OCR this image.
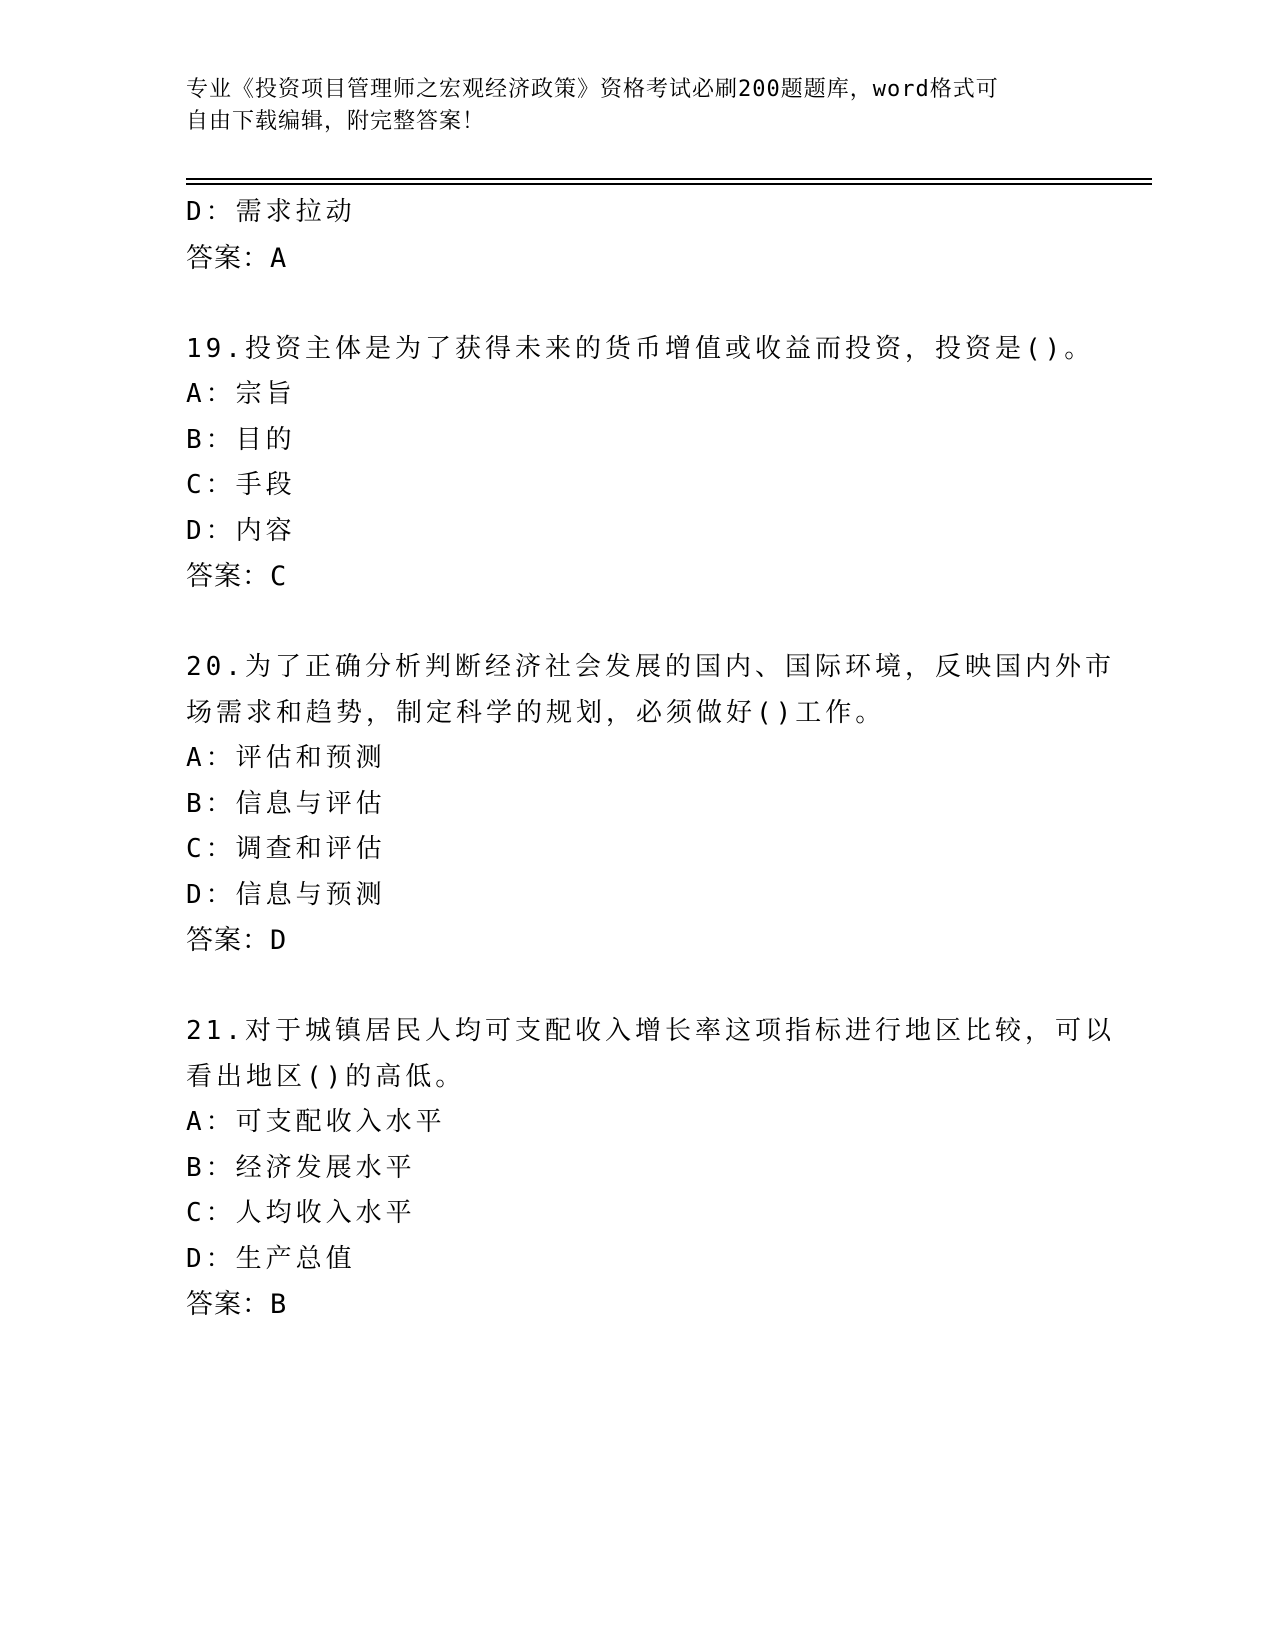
专业《投资项目管理师之宏观经济政策》资格考试必刷200题题库，word格式可
自由下载编辑，附完整答案！
D：需求拉动
答案：A
19.投资主体是为了获得未来的货币增值或收益而投资，投资是()。
A：宗旨
B：目的
C：手段
D：内容
答案：C
20.为了正确分析判断经济社会发展的国内、国际环境，反映国内外市
场需求和趋势，制定科学的规划，必须做好()工作。
A：评估和预测
B：信息与评估
C：调查和评估
D：信息与预测
答案：D
21.对于城镇居民人均可支配收入增长率这项指标进行地区比较，可以
看出地区()的高低。
A：可支配收入水平
B：经济发展水平
C：人均收入水平
D：生产总值
答案：B
